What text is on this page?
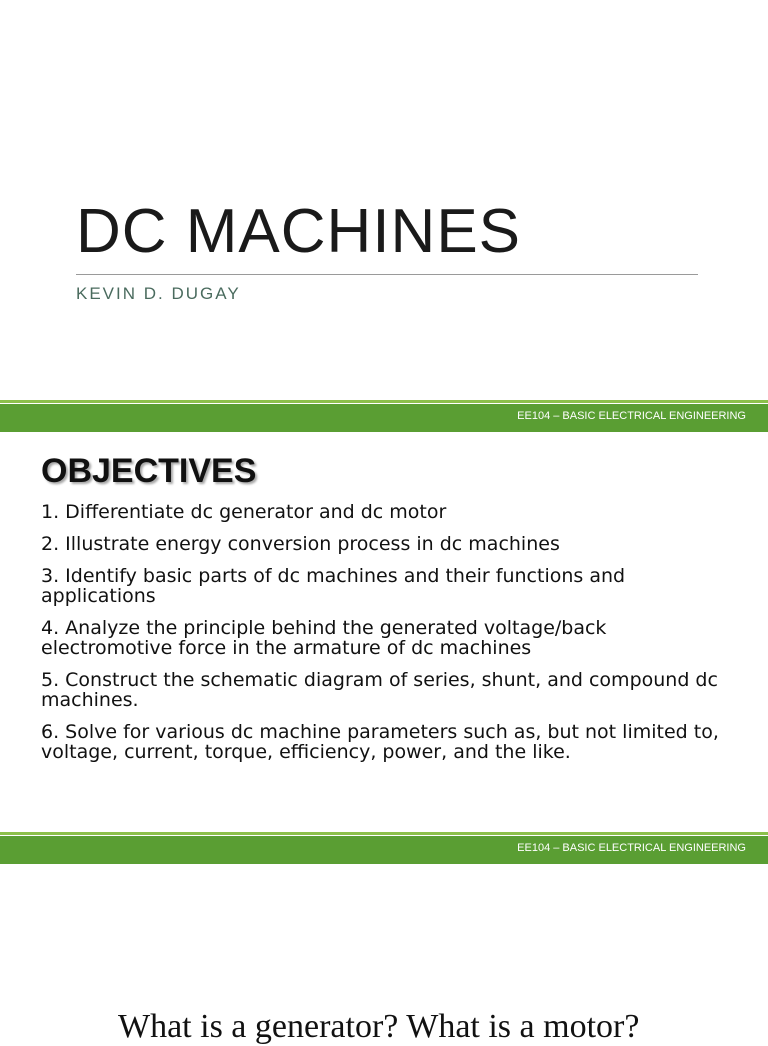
DC MACHINES
KEVIN D. DUGAY
EE104 – BASIC ELECTRICAL ENGINEERING
OBJECTIVES
1. Differentiate dc generator and dc motor
2. Illustrate energy conversion process in dc machines
3. Identify basic parts of dc machines and their functions and applications
4. Analyze the principle behind the generated voltage/back electromotive force in the armature of dc machines
5. Construct the schematic diagram of series, shunt, and compound dc machines.
6. Solve for various dc machine parameters such as, but not limited to, voltage, current, torque, efficiency, power, and the like.
EE104 – BASIC ELECTRICAL ENGINEERING
What is a generator? What is a motor?
